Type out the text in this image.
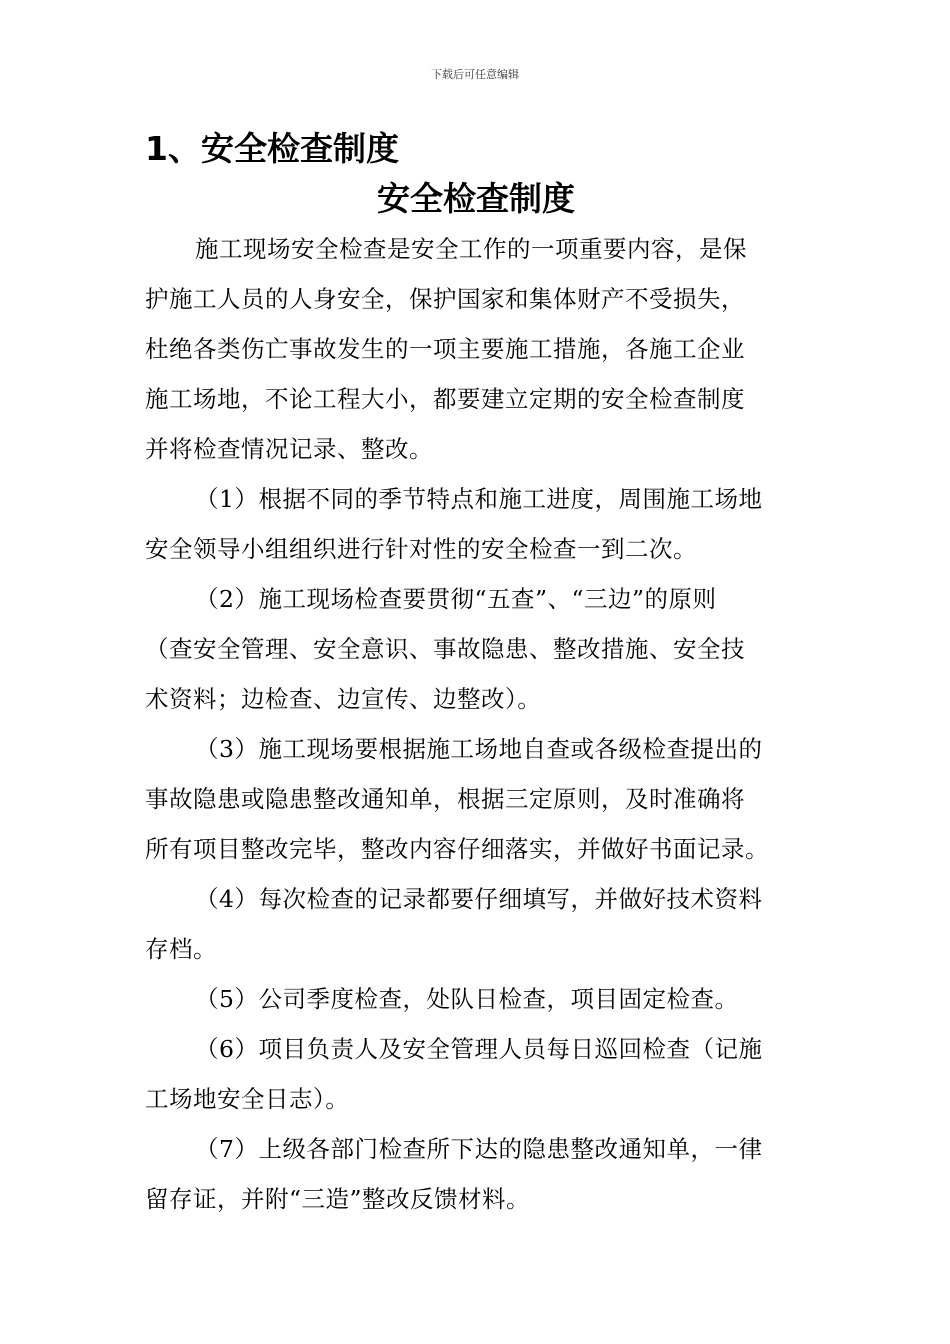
下载后可任意编辑
1、安全检查制度
安全检查制度

施工现场安全检查是安全工作的一项重要内容，是保
护施工人员的人身安全，保护国家和集体财产不受损失，
杜绝各类伤亡事故发生的一项主要施工措施，各施工企业
施工场地，不论工程大小，都要建立定期的安全检查制度
并将检查情况记录、整改。

（1）根据不同的季节特点和施工进度，周围施工场地
安全领导小组组织进行针对性的安全检查一到二次。

（2）施工现场检查要贯彻“五查”、“三边”的原则
（查安全管理、安全意识、事故隐患、整改措施、安全技
术资料；边检查、边宣传、边整改）。

（3）施工现场要根据施工场地自查或各级检查提出的
事故隐患或隐患整改通知单，根据三定原则，及时准确将
所有项目整改完毕，整改内容仔细落实，并做好书面记录。

（4）每次检查的记录都要仔细填写，并做好技术资料
存档。

（5）公司季度检查，处队日检查，项目固定检查。

（6）项目负责人及安全管理人员每日巡回检查（记施
工场地安全日志）。

（7）上级各部门检查所下达的隐患整改通知单，一律
留存证，并附“三造”整改反馈材料。
